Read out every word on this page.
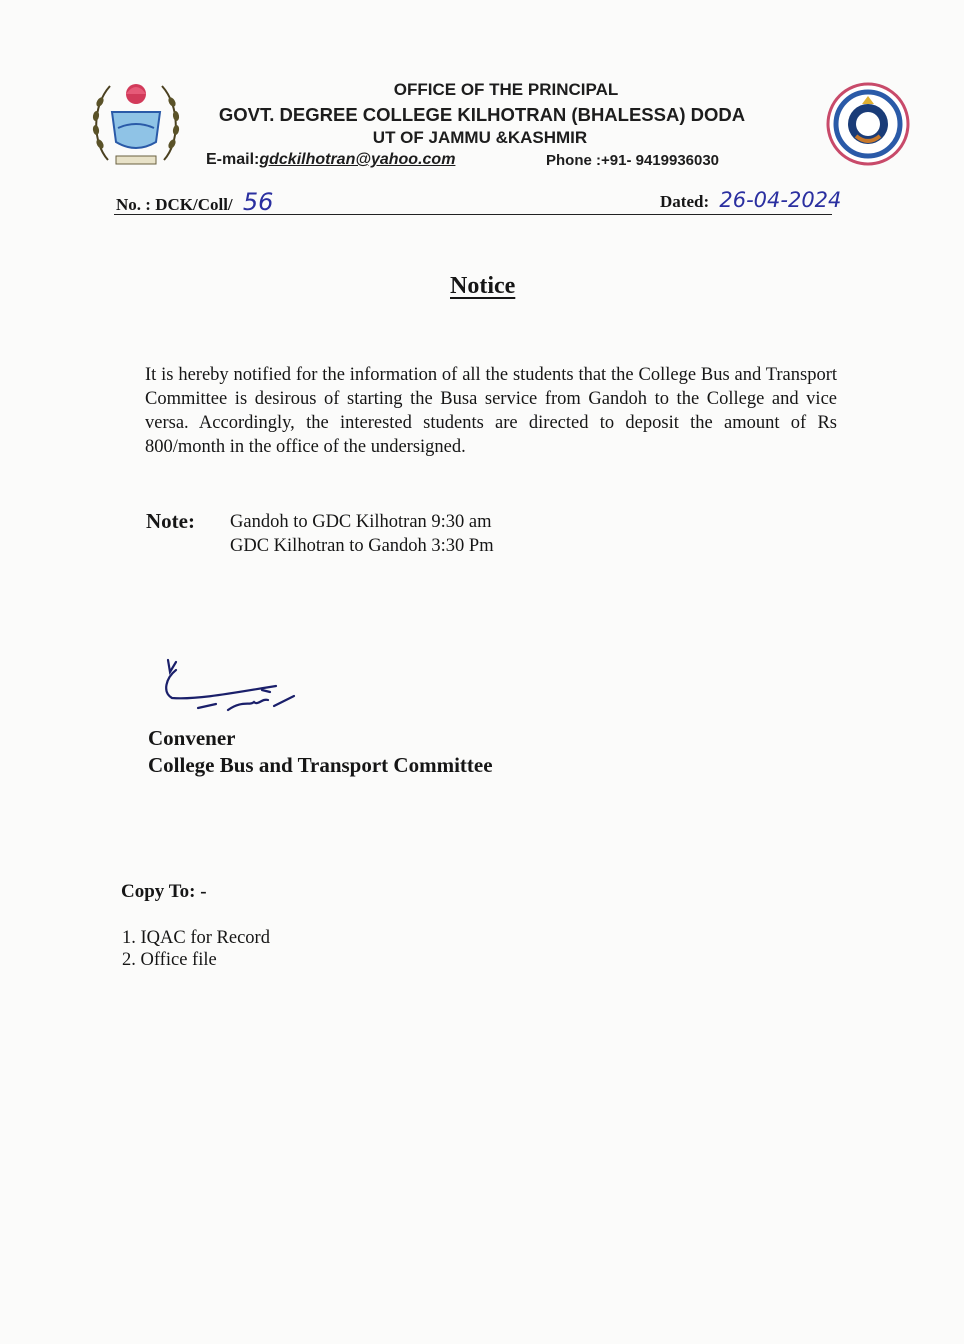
OFFICE OF THE PRINCIPAL
GOVT. DEGREE COLLEGE KILHOTRAN (BHALESSA) DODA
UT OF JAMMU &KASHMIR
E-mail:gdckilhotran@yahoo.com	Phone :+91- 9419936030
No. : DCK/Coll/ 56	Dated: 26-04-2024
Notice
It is hereby notified for the information of all the students that the College Bus and Transport Committee is desirous of starting the Busa service from Gandoh to the College and vice versa. Accordingly, the interested students are directed to deposit the amount of Rs 800/month in the office of the undersigned.
Note: Gandoh to GDC Kilhotran 9:30 am
GDC Kilhotran to Gandoh 3:30 Pm
Convener
College Bus and Transport Committee
Copy To: -
1. IQAC for Record
2. Office file
